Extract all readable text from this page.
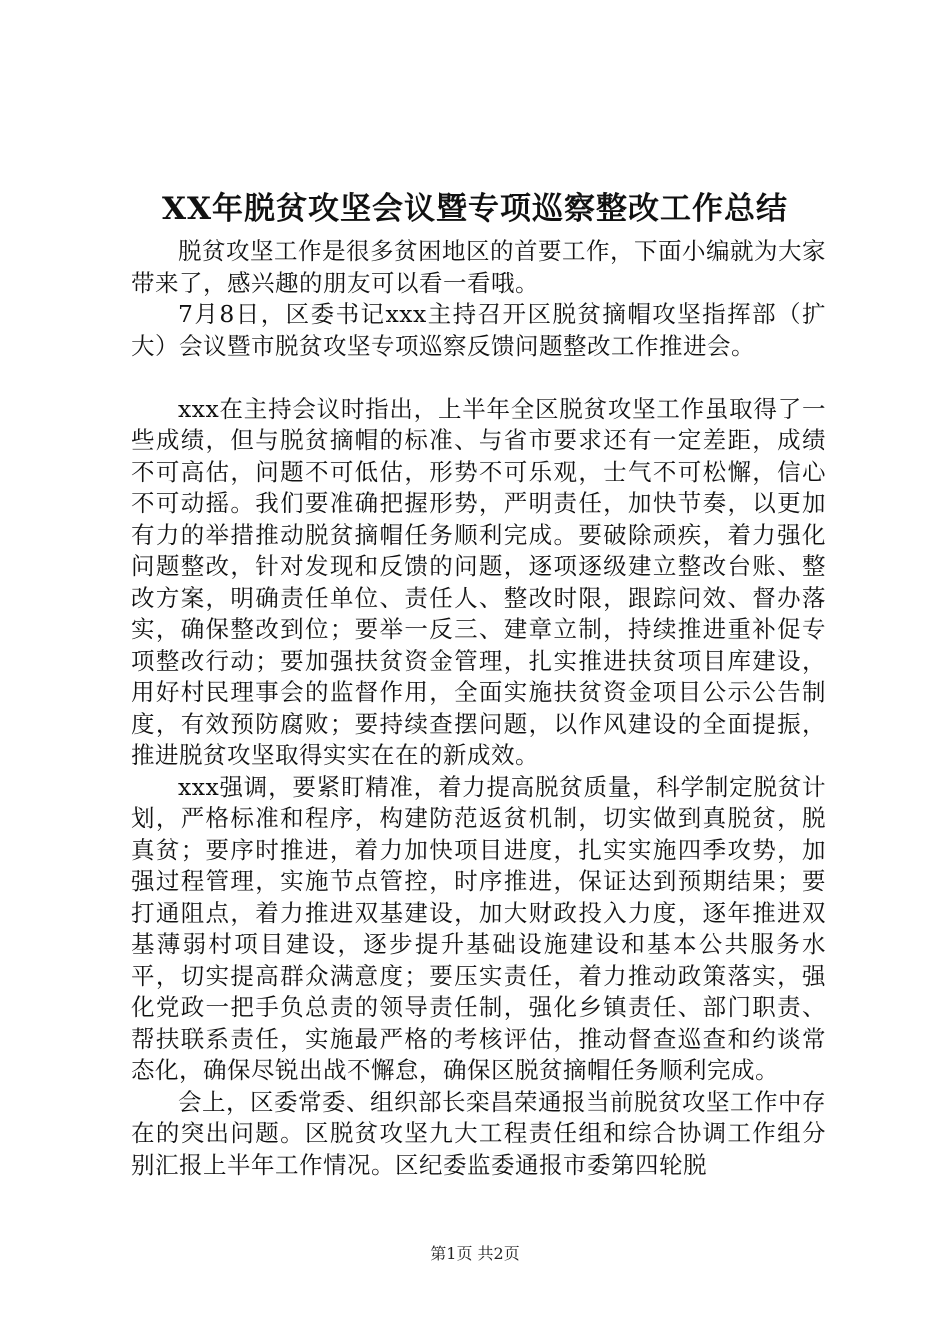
XX年脱贫攻坚会议暨专项巡察整改工作总结

脱贫攻坚工作是很多贫困地区的首要工作，下面小编就为大家带来了，感兴趣的朋友可以看一看哦。

7月8日，区委书记xxx主持召开区脱贫摘帽攻坚指挥部（扩大）会议暨市脱贫攻坚专项巡察反馈问题整改工作推进会。

xxx在主持会议时指出，上半年全区脱贫攻坚工作虽取得了一些成绩，但与脱贫摘帽的标准、与省市要求还有一定差距，成绩不可高估，问题不可低估，形势不可乐观，士气不可松懈，信心不可动摇。我们要准确把握形势，严明责任，加快节奏，以更加有力的举措推动脱贫摘帽任务顺利完成。要破除顽疾，着力强化问题整改，针对发现和反馈的问题，逐项逐级建立整改台账、整改方案，明确责任单位、责任人、整改时限，跟踪问效、督办落实，确保整改到位；要举一反三、建章立制，持续推进重补促专项整改行动；要加强扶贫资金管理，扎实推进扶贫项目库建设，用好村民理事会的监督作用，全面实施扶贫资金项目公示公告制度，有效预防腐败；要持续查摆问题，以作风建设的全面提振，推进脱贫攻坚取得实实在在的新成效。

xxx强调，要紧盯精准，着力提高脱贫质量，科学制定脱贫计划，严格标准和程序，构建防范返贫机制，切实做到真脱贫，脱真贫；要序时推进，着力加快项目进度，扎实实施四季攻势，加强过程管理，实施节点管控，时序推进，保证达到预期结果；要打通阻点，着力推进双基建设，加大财政投入力度，逐年推进双基薄弱村项目建设，逐步提升基础设施建设和基本公共服务水平，切实提高群众满意度；要压实责任，着力推动政策落实，强化党政一把手负总责的领导责任制，强化乡镇责任、部门职责、帮扶联系责任，实施最严格的考核评估，推动督查巡查和约谈常态化，确保尽锐出战不懈怠，确保区脱贫摘帽任务顺利完成。

会上，区委常委、组织部长栾昌荣通报当前脱贫攻坚工作中存在的突出问题。区脱贫攻坚九大工程责任组和综合协调工作组分别汇报上半年工作情况。区纪委监委通报市委第四轮脱

第1页 共2页
